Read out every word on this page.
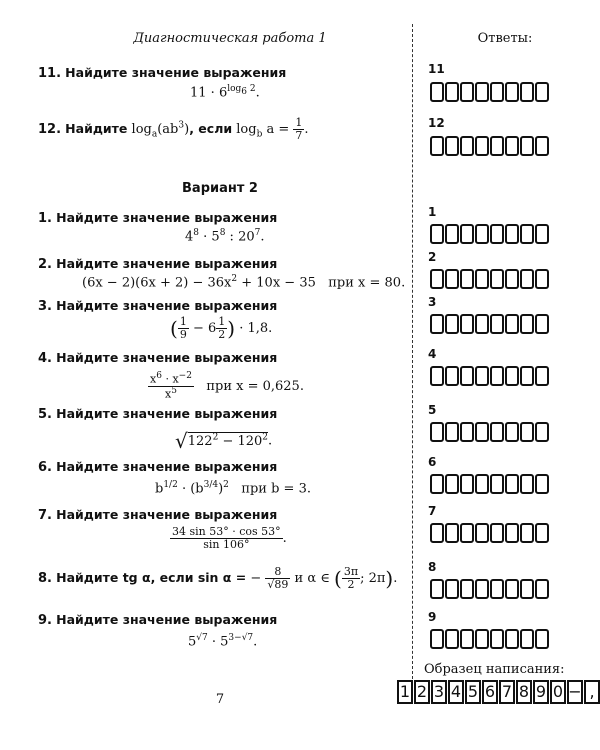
Диагностическая работа 1	Ответы:
11. Найдите значение выражения
$11 \cdot 6^{log_6 2}$.
12. Найдите $\log_a(ab^3)$, если $\log_b a = \frac{1}{7}$ .
Вариант 2
1. Найдите значение выражения
$4^8 \cdot 5^8$ : $20^7$.
2. Найдите значение выражения
$(6x - 2)(6x + 2) - 36x^2 + 10x - 35$   при x = 80.
3. Найдите значение выражения
( $\frac{1}{9} - 6 \frac{1}{2}$ ) · 1,8.
4. Найдите значение выражения
$\frac{x^6 \cdot x^{-2}}{x^5}$ при x = 0,625.
5. Найдите значение выражения
$√122^2 - 120^2$.
6. Найдите значение выражения
$b^{1/2} \cdot (b^{3/4})^2$ при b = 3.
7. Найдите значение выражения
$\frac{34 \sin 53^\circ \cdot \cos 53^\circ}{\sin 106^\circ}$ .
8. Найдите tg α, если sin α = − $\frac{8}{√89}$ и α ∈ ( $\frac{3\pi}{2}$ ; 2π).
9. Найдите значение выражения
$5^{√7} \cdot 5^{3-√7}$.
11
12
1
2
3
4
5
6
7
8
9
Образец написания:
1 2 3 4 5 6 7 8 9 0 − ,
7
